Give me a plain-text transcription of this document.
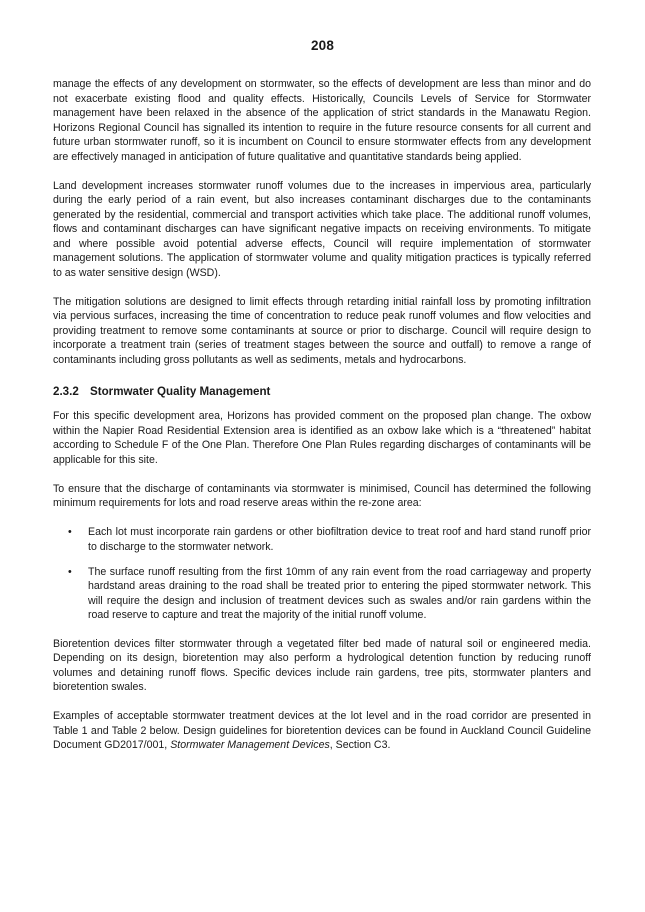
208

manage the effects of any development on stormwater, so the effects of development are less than minor and do not exacerbate existing flood and quality effects. Historically, Councils Levels of Service for Stormwater management have been relaxed in the absence of the application of strict standards in the Manawatu Region. Horizons Regional Council has signalled its intention to require in the future resource consents for all current and future urban stormwater runoff, so it is incumbent on Council to ensure stormwater effects from any development are effectively managed in anticipation of future qualitative and quantitative standards being applied.

Land development increases stormwater runoff volumes due to the increases in impervious area, particularly during the early period of a rain event, but also increases contaminant discharges due to the contaminants generated by the residential, commercial and transport activities which take place. The additional runoff volumes, flows and contaminant discharges can have significant negative impacts on receiving environments. To mitigate and where possible avoid potential adverse effects, Council will require implementation of stormwater management solutions. The application of stormwater volume and quality mitigation practices is typically referred to as water sensitive design (WSD).

The mitigation solutions are designed to limit effects through retarding initial rainfall loss by promoting infiltration via pervious surfaces, increasing the time of concentration to reduce peak runoff volumes and flow velocities and providing treatment to remove some contaminants at source or prior to discharge. Council will require design to incorporate a treatment train (series of treatment stages between the source and outfall) to remove a range of contaminants including gross pollutants as well as sediments, metals and hydrocarbons.

2.3.2 Stormwater Quality Management

For this specific development area, Horizons has provided comment on the proposed plan change. The oxbow within the Napier Road Residential Extension area is identified as an oxbow lake which is a “threatened” habitat according to Schedule F of the One Plan. Therefore One Plan Rules regarding discharges of contaminants will be applicable for this site.

To ensure that the discharge of contaminants via stormwater is minimised, Council has determined the following minimum requirements for lots and road reserve areas within the re-zone area:

• Each lot must incorporate rain gardens or other biofiltration device to treat roof and hard stand runoff prior to discharge to the stormwater network.
• The surface runoff resulting from the first 10mm of any rain event from the road carriageway and property hardstand areas draining to the road shall be treated prior to entering the piped stormwater network. This will require the design and inclusion of treatment devices such as swales and/or rain gardens within the road reserve to capture and treat the majority of the initial runoff volume.

Bioretention devices filter stormwater through a vegetated filter bed made of natural soil or engineered media. Depending on its design, bioretention may also perform a hydrological detention function by reducing runoff volumes and detaining runoff flows. Specific devices include rain gardens, tree pits, stormwater planters and bioretention swales.

Examples of acceptable stormwater treatment devices at the lot level and in the road corridor are presented in Table 1 and Table 2 below. Design guidelines for bioretention devices can be found in Auckland Council Guideline Document GD2017/001, Stormwater Management Devices, Section C3.
